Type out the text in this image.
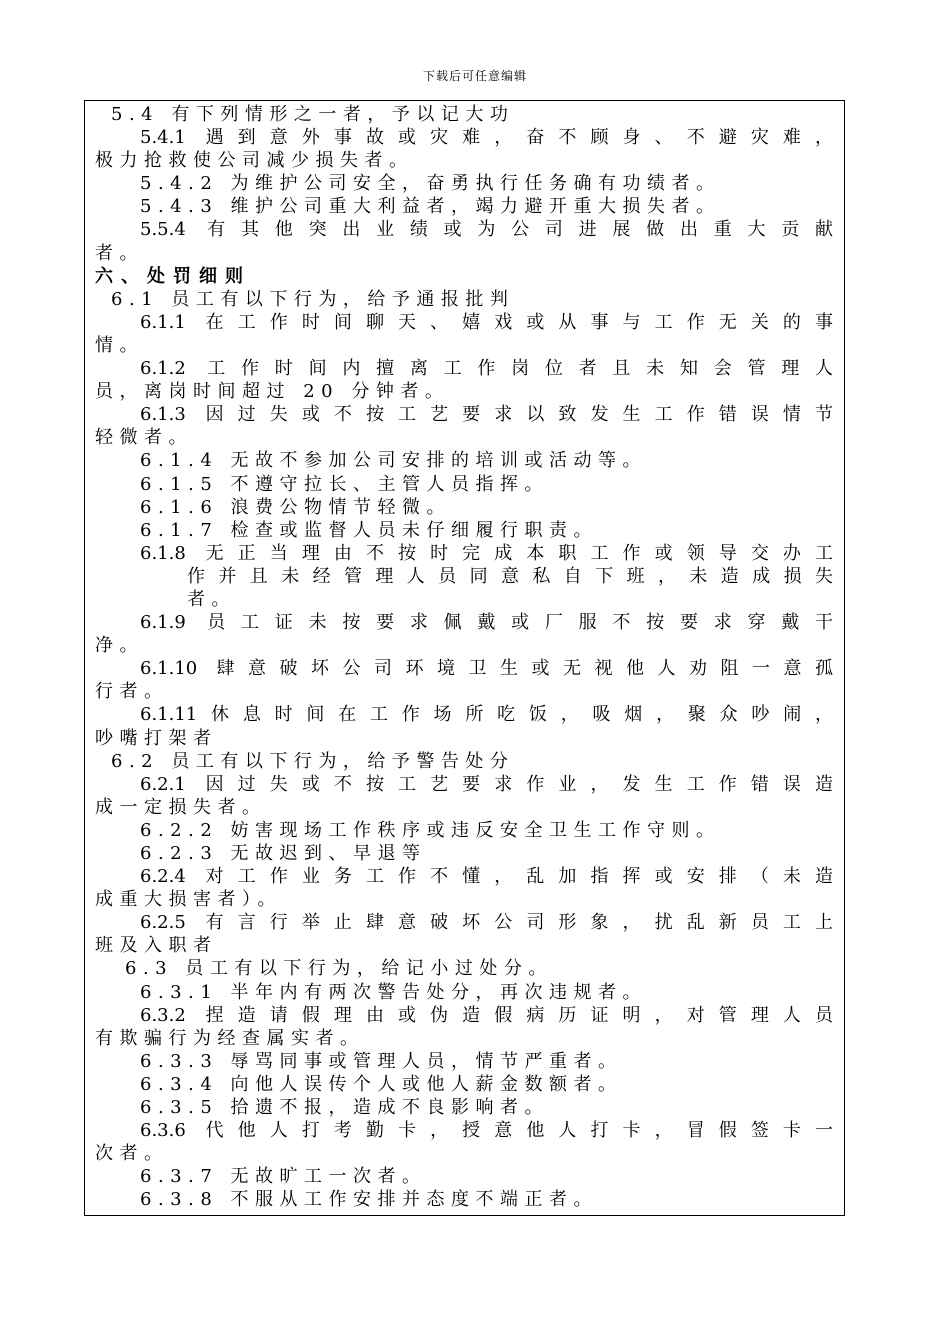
下载后可任意编辑
5.4 有下列情形之一者，予以记大功
5.4.1 遇到意外事故或灾难，奋不顾身、不避灾难，
极力抢救使公司减少损失者。
5.4.2 为维护公司安全，奋勇执行任务确有功绩者。
5.4.3 维护公司重大利益者，竭力避开重大损失者。
5.5.4 有其他突出业绩或为公司进展做出重大贡献
者。
六、处罚细则
6.1 员工有以下行为，给予通报批判
6.1.1 在工作时间聊天、嬉戏或从事与工作无关的事
情。
6.1.2 工作时间内擅离工作岗位者且未知会管理人
员，离岗时间超过 20 分钟者。
6.1.3 因过失或不按工艺要求以致发生工作错误情节
轻微者。
6.1.4 无故不参加公司安排的培训或活动等。
6.1.5 不遵守拉长、主管人员指挥。
6.1.6 浪费公物情节轻微。
6.1.7 检查或监督人员未仔细履行职责。
6.1.8 无正当理由不按时完成本职工作或领导交办工
作并且未经管理人员同意私自下班，未造成损失
者。
6.1.9 员工证未按要求佩戴或厂服不按要求穿戴干
净。
6.1.10 肆意破坏公司环境卫生或无视他人劝阻一意孤
行者。
6.1.11休息时间在工作场所吃饭，吸烟，聚众吵闹，
吵嘴打架者
6.2 员工有以下行为，给予警告处分
6.2.1 因过失或不按工艺要求作业，发生工作错误造
成一定损失者。
6.2.2 妨害现场工作秩序或违反安全卫生工作守则。
6.2.3 无故迟到、早退等
6.2.4 对工作业务工作不懂，乱加指挥或安排（未造
成重大损害者）。
6.2.5 有言行举止肆意破坏公司形象，扰乱新员工上
班及入职者
6.3 员工有以下行为，给记小过处分。
6.3.1 半年内有两次警告处分，再次违规者。
6.3.2 捏造请假理由或伪造假病历证明，对管理人员
有欺骗行为经查属实者。
6.3.3 辱骂同事或管理人员，情节严重者。
6.3.4 向他人误传个人或他人薪金数额者。
6.3.5 拾遗不报，造成不良影响者。
6.3.6 代他人打考勤卡，授意他人打卡，冒假签卡一
次者。
6.3.7 无故旷工一次者。
6.3.8 不服从工作安排并态度不端正者。
